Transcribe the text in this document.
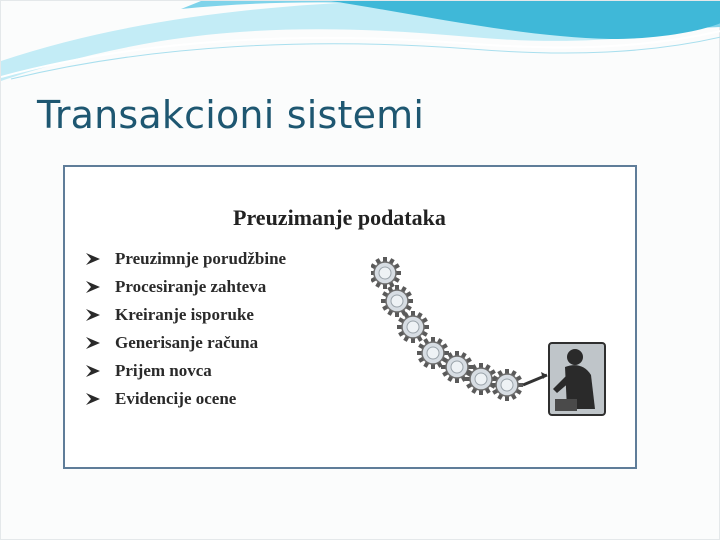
Transakcioni sistemi
Preuzimanje podataka
Preuzimnje porudžbine
Procesiranje zahteva
Kreiranje isporuke
Generisanje računa
Prijem novca
Evidencije ocene
